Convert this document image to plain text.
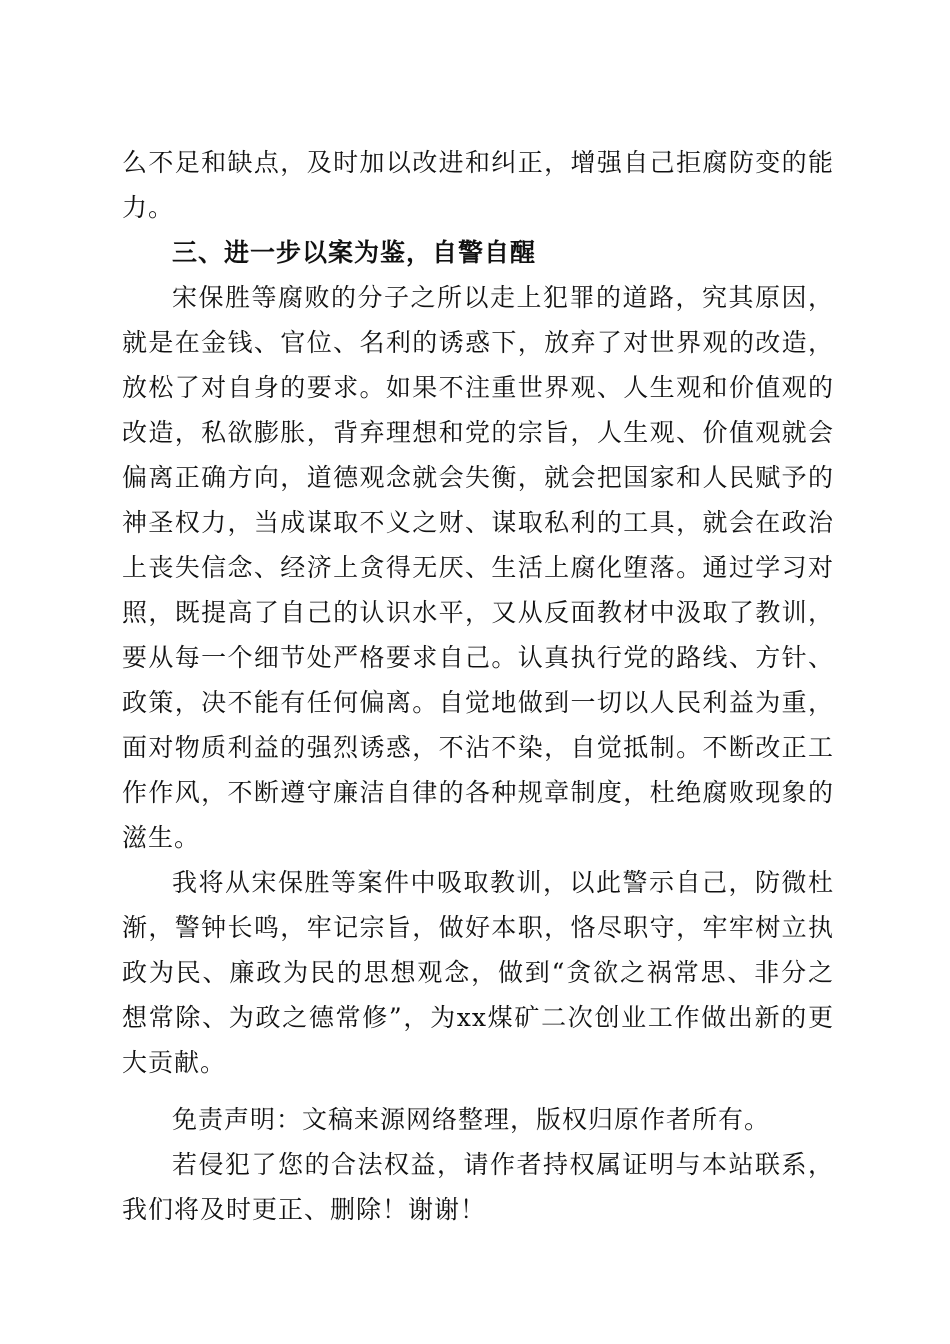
么不足和缺点，及时加以改进和纠正，增强自己拒腐防变的能力。

三、进一步以案为鉴，自警自醒

宋保胜等腐败的分子之所以走上犯罪的道路，究其原因，就是在金钱、官位、名利的诱惑下，放弃了对世界观的改造，放松了对自身的要求。如果不注重世界观、人生观和价值观的改造，私欲膨胀，背弃理想和党的宗旨，人生观、价值观就会偏离正确方向，道德观念就会失衡，就会把国家和人民赋予的神圣权力，当成谋取不义之财、谋取私利的工具，就会在政治上丧失信念、经济上贪得无厌、生活上腐化堕落。通过学习对照，既提高了自己的认识水平，又从反面教材中汲取了教训，要从每一个细节处严格要求自己。认真执行党的路线、方针、政策，决不能有任何偏离。自觉地做到一切以人民利益为重，面对物质利益的强烈诱惑，不沾不染，自觉抵制。不断改正工作作风，不断遵守廉洁自律的各种规章制度，杜绝腐败现象的滋生。

我将从宋保胜等案件中吸取教训，以此警示自己，防微杜渐，警钟长鸣，牢记宗旨，做好本职，恪尽职守，牢牢树立执政为民、廉政为民的思想观念，做到“贪欲之祸常思、非分之想常除、为政之德常修”，为xx煤矿二次创业工作做出新的更大贡献。

免责声明：文稿来源网络整理，版权归原作者所有。

若侵犯了您的合法权益，请作者持权属证明与本站联系，我们将及时更正、删除！谢谢！
